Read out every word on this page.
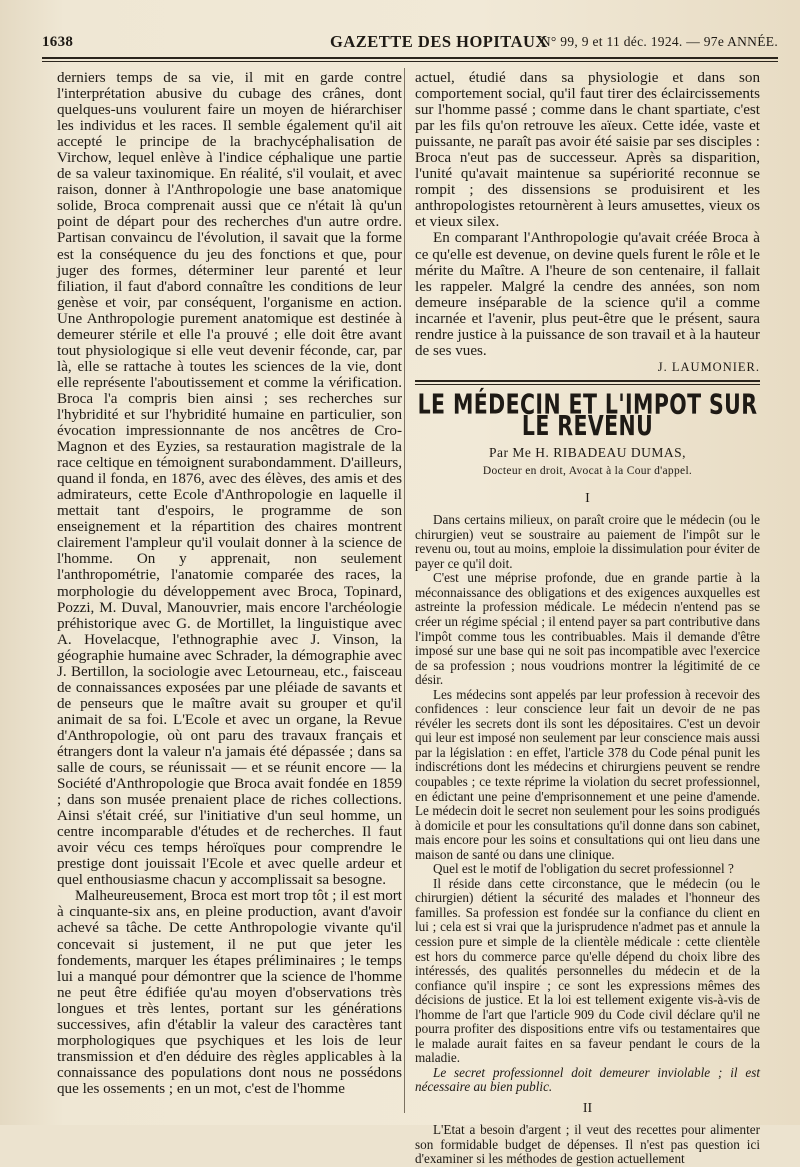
1638	GAZETTE DES HOPITAUX
N° 99, 9 et 11 déc. 1924. — 97e ANNÉE.

derniers temps de sa vie, il mit en garde contre l'interprétation abusive du cubage des crânes, dont quelques-uns voulurent faire un moyen de hiérarchiser les individus et les races. Il semble également qu'il ait accepté le principe de la brachycéphalisation de Virchow, lequel enlève à l'indice céphalique une partie de sa valeur taxinomique. En réalité, s'il voulait, et avec raison, donner à l'Anthropologie une base anatomique solide, Broca comprenait aussi que ce n'était là qu'un point de départ pour des recherches d'un autre ordre. Partisan convaincu de l'évolution, il savait que la forme est la conséquence du jeu des fonctions et que, pour juger des formes, déterminer leur parenté et leur filiation, il faut d'abord connaître les conditions de leur genèse et voir, par conséquent, l'organisme en action. Une Anthropologie purement anatomique est destinée à demeurer stérile et elle l'a prouvé ; elle doit être avant tout physiologique si elle veut devenir féconde, car, par là, elle se rattache à toutes les sciences de la vie, dont elle représente l'aboutissement et comme la vérification. Broca l'a compris bien ainsi ; ses recherches sur l'hybridité et sur l'hybridité humaine en particulier, son évocation impressionnante de nos ancêtres de Cro-Magnon et des Eyzies, sa restauration magistrale de la race celtique en témoignent surabondamment. D'ailleurs, quand il fonda, en 1876, avec des élèves, des amis et des admirateurs, cette Ecole d'Anthropologie en laquelle il mettait tant d'espoirs, le programme de son enseignement et la répartition des chaires montrent clairement l'ampleur qu'il voulait donner à la science de l'homme. On y apprenait, non seulement l'anthropométrie, l'anatomie comparée des races, la morphologie du développement avec Broca, Topinard, Pozzi, M. Duval, Manouvrier, mais encore l'archéologie préhistorique avec G. de Mortillet, la linguistique avec A. Hovelacque, l'ethnographie avec J. Vinson, la géographie humaine avec Schrader, la démographie avec J. Bertillon, la sociologie avec Letourneau, etc., faisceau de connaissances exposées par une pléiade de savants et de penseurs que le maître avait su grouper et qu'il animait de sa foi. L'Ecole et avec un organe, la Revue d'Anthropologie, où ont paru des travaux français et étrangers dont la valeur n'a jamais été dépassée ; dans sa salle de cours, se réunissait — et se réunit encore — la Société d'Anthropologie que Broca avait fondée en 1859 ; dans son musée prenaient place de riches collections. Ainsi s'était créé, sur l'initiative d'un seul homme, un centre incomparable d'études et de recherches. Il faut avoir vécu ces temps héroïques pour comprendre le prestige dont jouissait l'Ecole et avec quelle ardeur et quel enthousiasme chacun y accomplissait sa besogne.

Malheureusement, Broca est mort trop tôt ; il est mort à cinquante-six ans, en pleine production, avant d'avoir achevé sa tâche. De cette Anthropologie vivante qu'il concevait si justement, il ne put que jeter les fondements, marquer les étapes préliminaires ; le temps lui a manqué pour démontrer que la science de l'homme ne peut être édifiée qu'au moyen d'observations très longues et très lentes, portant sur les générations successives, afin d'établir la valeur des caractères tant morphologiques que psychiques et les lois de leur transmission et d'en déduire des règles applicables à la connaissance des populations dont nous ne possédons que les ossements ; en un mot, c'est de l'homme

actuel, étudié dans sa physiologie et dans son comportement social, qu'il faut tirer des éclaircissements sur l'homme passé ; comme dans le chant spartiate, c'est par les fils qu'on retrouve les aïeux. Cette idée, vaste et puissante, ne paraît pas avoir été saisie par ses disciples : Broca n'eut pas de successeur. Après sa disparition, l'unité qu'avait maintenue sa supériorité reconnue se rompit ; des dissensions se produisirent et les anthropologistes retournèrent à leurs amusettes, vieux os et vieux silex.

En comparant l'Anthropologie qu'avait créée Broca à ce qu'elle est devenue, on devine quels furent le rôle et le mérite du Maître. A l'heure de son centenaire, il fallait les rappeler. Malgré la cendre des années, son nom demeure inséparable de la science qu'il a comme incarnée et l'avenir, plus peut-être que le présent, saura rendre justice à la puissance de son travail et à la hauteur de ses vues.

J. LAUMONIER.
LE MÉDECIN ET L'IMPOT SUR LE REVENU
Par Me H. RIBADEAU DUMAS,
Docteur en droit, Avocat à la Cour d'appel.
I

Dans certains milieux, on paraît croire que le médecin (ou le chirurgien) veut se soustraire au paiement de l'impôt sur le revenu ou, tout au moins, emploie la dissimulation pour éviter de payer ce qu'il doit.

C'est une méprise profonde, due en grande partie à la méconnaissance des obligations et des exigences auxquelles est astreinte la profession médicale. Le médecin n'entend pas se créer un régime spécial ; il entend payer sa part contributive dans l'impôt comme tous les contribuables. Mais il demande d'être imposé sur une base qui ne soit pas incompatible avec l'exercice de sa profession ; nous voudrions montrer la légitimité de ce désir.

Les médecins sont appelés par leur profession à recevoir des confidences : leur conscience leur fait un devoir de ne pas révéler les secrets dont ils sont les dépositaires. C'est un devoir qui leur est imposé non seulement par leur conscience mais aussi par la législation : en effet, l'article 378 du Code pénal punit les indiscrétions dont les médecins et chirurgiens peuvent se rendre coupables ; ce texte réprime la violation du secret professionnel, en édictant une peine d'emprisonnement et une peine d'amende. Le médecin doit le secret non seulement pour les soins prodigués à domicile et pour les consultations qu'il donne dans son cabinet, mais encore pour les soins et consultations qui ont lieu dans une maison de santé ou dans une clinique.

Quel est le motif de l'obligation du secret professionnel ?

Il réside dans cette circonstance, que le médecin (ou le chirurgien) détient la sécurité des malades et l'honneur des familles. Sa profession est fondée sur la confiance du client en lui ; cela est si vrai que la jurisprudence n'admet pas et annule la cession pure et simple de la clientèle médicale : cette clientèle est hors du commerce parce qu'elle dépend du choix libre des intéressés, des qualités personnelles du médecin et de la confiance qu'il inspire ; ce sont les expressions mêmes des décisions de justice. Et la loi est tellement exigente vis-à-vis de l'homme de l'art que l'article 909 du Code civil déclare qu'il ne pourra profiter des dispositions entre vifs ou testamentaires que le malade aurait faites en sa faveur pendant le cours de la maladie.

Le secret professionnel doit demeurer inviolable ; il est nécessaire au bien public.

II

L'Etat a besoin d'argent ; il veut des recettes pour alimenter son formidable budget de dépenses. Il n'est pas question ici d'examiner si les méthodes de gestion actuellement
